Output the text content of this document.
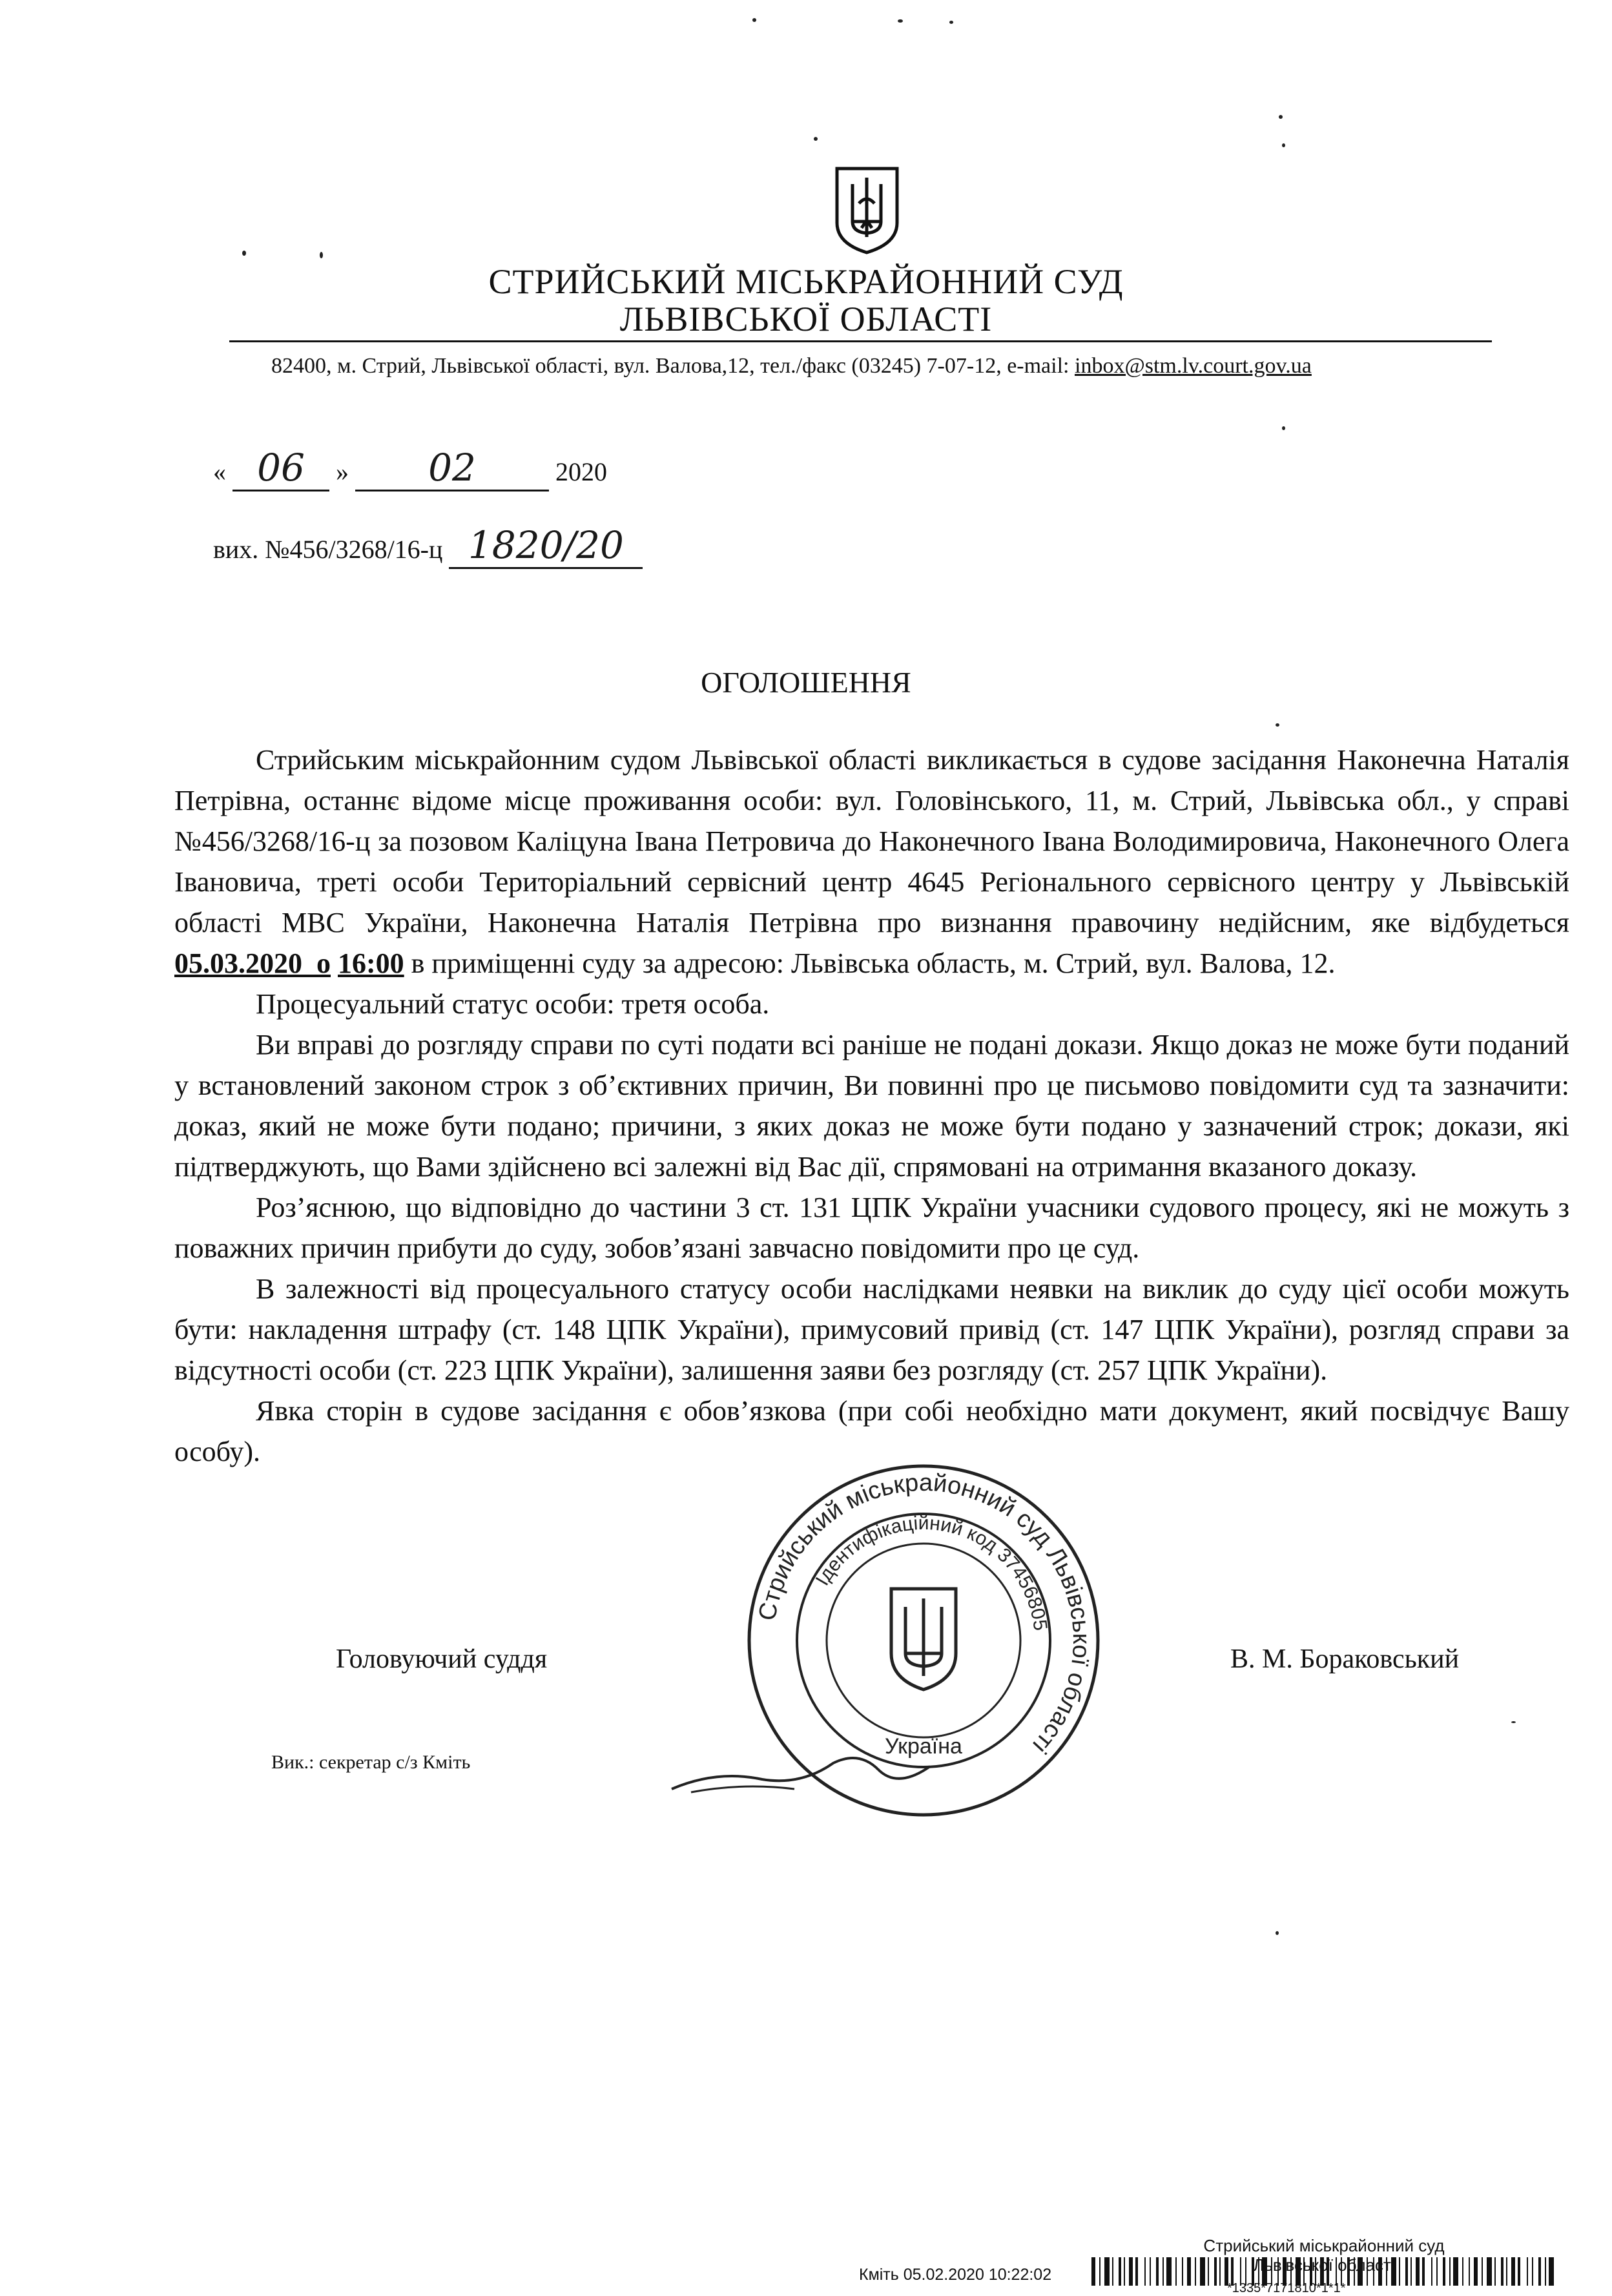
СТРИЙСЬКИЙ МІСЬКРАЙОННИЙ СУД
ЛЬВІВСЬКОЇ ОБЛАСТІ
82400, м. Стрий, Львівської області, вул. Валова,12, тел./факс (03245) 7-07-12, e-mail: inbox@stm.lv.court.gov.ua
« 06 » 02	2020
вих. №456/3268/16-ц 1820/20
ОГОЛОШЕННЯ

Стрийським міськрайонним судом Львівської області викликається в судове засідання Наконечна Наталія Петрівна, останнє відоме місце проживання особи: вул. Головінського, 11, м. Стрий, Львівська обл., у справі №456/3268/16-ц за позовом Каліцуна Івана Петровича до Наконечного Івана Володимировича, Наконечного Олега Івановича, треті особи Територіальний сервісний центр 4645 Регіонального сервісного центру у Львівській області МВС України, Наконечна Наталія Петрівна про визнання правочину недійсним, яке відбудеться 05.03.2020 о 16:00 в приміщенні суду за адресою: Львівська область, м. Стрий, вул. Валова, 12.

Процесуальний статус особи: третя особа.

Ви вправі до розгляду справи по суті подати всі раніше не подані докази. Якщо доказ не може бути поданий у встановлений законом строк з об’єктивних причин, Ви повинні про це письмово повідомити суд та зазначити: доказ, який не може бути подано; причини, з яких доказ не може бути подано у зазначений строк; докази, які підтверджують, що Вами здійснено всі залежні від Вас дії, спрямовані на отримання вказаного доказу.

Роз’яснюю, що відповідно до частини 3 ст. 131 ЦПК України учасники судового процесу, які не можуть з поважних причин прибути до суду, зобов’язані завчасно повідомити про це суд.

В залежності від процесуального статусу особи наслідками неявки на виклик до суду цієї особи можуть бути: накладення штрафу (ст. 148 ЦПК України), примусовий привід (ст. 147 ЦПК України), розгляд справи за відсутності особи (ст. 223 ЦПК України), залишення заяви без розгляду (ст. 257 ЦПК України).

Явка сторін в судове засідання є обов’язкова (при собі необхідно мати документ, який посвідчує Вашу особу).

Головуючий суддя	В. М. Бораковський
Вик.: секретар с/з Кміть
Стрийський міськрайонний суд Львівської області
Ідентифікаційний код 37456805
Україна
Стрийський міськрайонний суд
Львівської області
Кміть 05.02.2020 10:22:02
*1335*7171810*1*1*
